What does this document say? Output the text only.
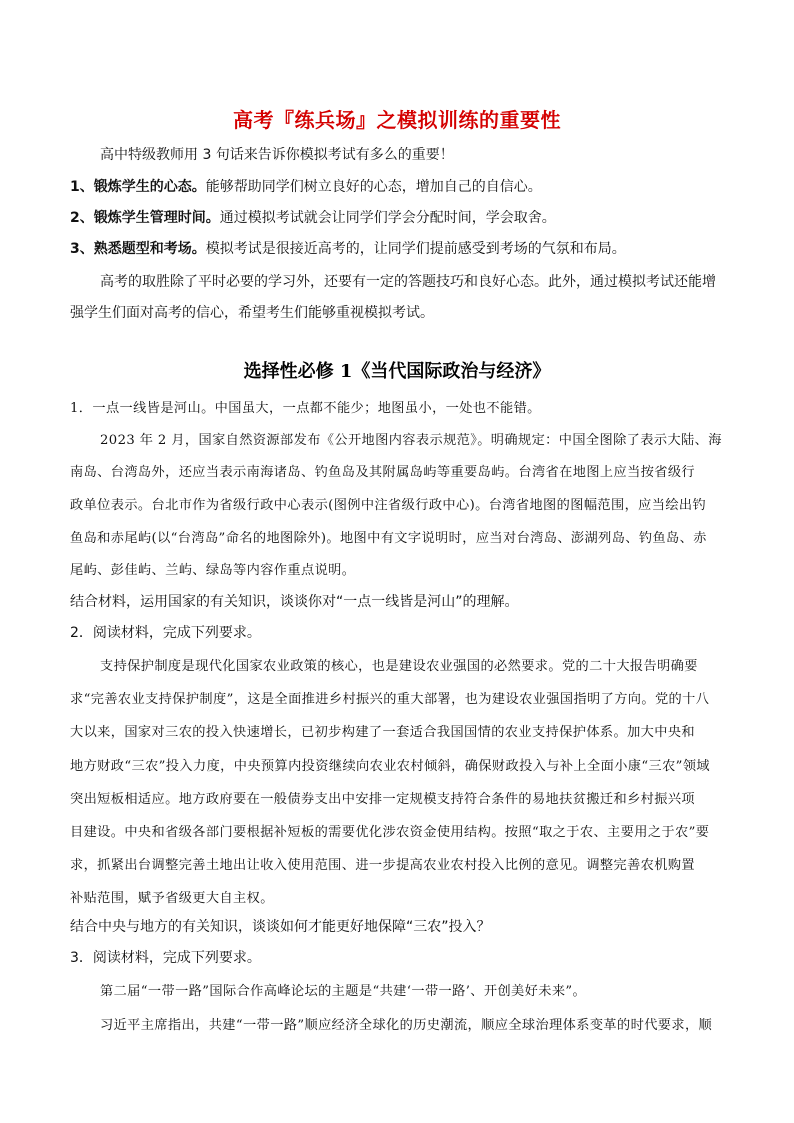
高考『练兵场』之模拟训练的重要性
高中特级教师用 3 句话来告诉你模拟考试有多么的重要！
1、锻炼学生的心态。能够帮助同学们树立良好的心态，增加自己的自信心。
2、锻炼学生管理时间。通过模拟考试就会让同学们学会分配时间，学会取舍。
3、熟悉题型和考场。模拟考试是很接近高考的，让同学们提前感受到考场的气氛和布局。
高考的取胜除了平时必要的学习外，还要有一定的答题技巧和良好心态。此外，通过模拟考试还能增
强学生们面对高考的信心，希望考生们能够重视模拟考试。
选择性必修 1《当代国际政治与经济》
1．一点一线皆是河山。中国虽大，一点都不能少；地图虽小，一处也不能错。
2023 年 2 月，国家自然资源部发布《公开地图内容表示规范》。明确规定：中国全图除了表示大陆、海
南岛、台湾岛外，还应当表示南海诸岛、钓鱼岛及其附属岛屿等重要岛屿。台湾省在地图上应当按省级行
政单位表示。台北市作为省级行政中心表示(图例中注省级行政中心)。台湾省地图的图幅范围，应当绘出钓
鱼岛和赤尾屿(以“台湾岛”命名的地图除外)。地图中有文字说明时，应当对台湾岛、澎湖列岛、钓鱼岛、赤
尾屿、彭佳屿、兰屿、绿岛等内容作重点说明。
结合材料，运用国家的有关知识，谈谈你对“一点一线皆是河山”的理解。
2．阅读材料，完成下列要求。
支持保护制度是现代化国家农业政策的核心，也是建设农业强国的必然要求。党的二十大报告明确要
求“完善农业支持保护制度”，这是全面推进乡村振兴的重大部署，也为建设农业强国指明了方向。党的十八
大以来，国家对三农的投入快速增长，已初步构建了一套适合我国国情的农业支持保护体系。加大中央和
地方财政“三农”投入力度，中央预算内投资继续向农业农村倾斜，确保财政投入与补上全面小康“三农”领域
突出短板相适应。地方政府要在一般债券支出中安排一定规模支持符合条件的易地扶贫搬迁和乡村振兴项
目建设。中央和省级各部门要根据补短板的需要优化涉农资金使用结构。按照“取之于农、主要用之于农”要
求，抓紧出台调整完善土地出让收入使用范围、进一步提高农业农村投入比例的意见。调整完善农机购置
补贴范围，赋予省级更大自主权。
结合中央与地方的有关知识，谈谈如何才能更好地保障“三农”投入？
3．阅读材料，完成下列要求。
第二届“一带一路”国际合作高峰论坛的主题是“共建‘一带一路’、开创美好未来”。
习近平主席指出，共建“一带一路”顺应经济全球化的历史潮流，顺应全球治理体系变革的时代要求，顺
